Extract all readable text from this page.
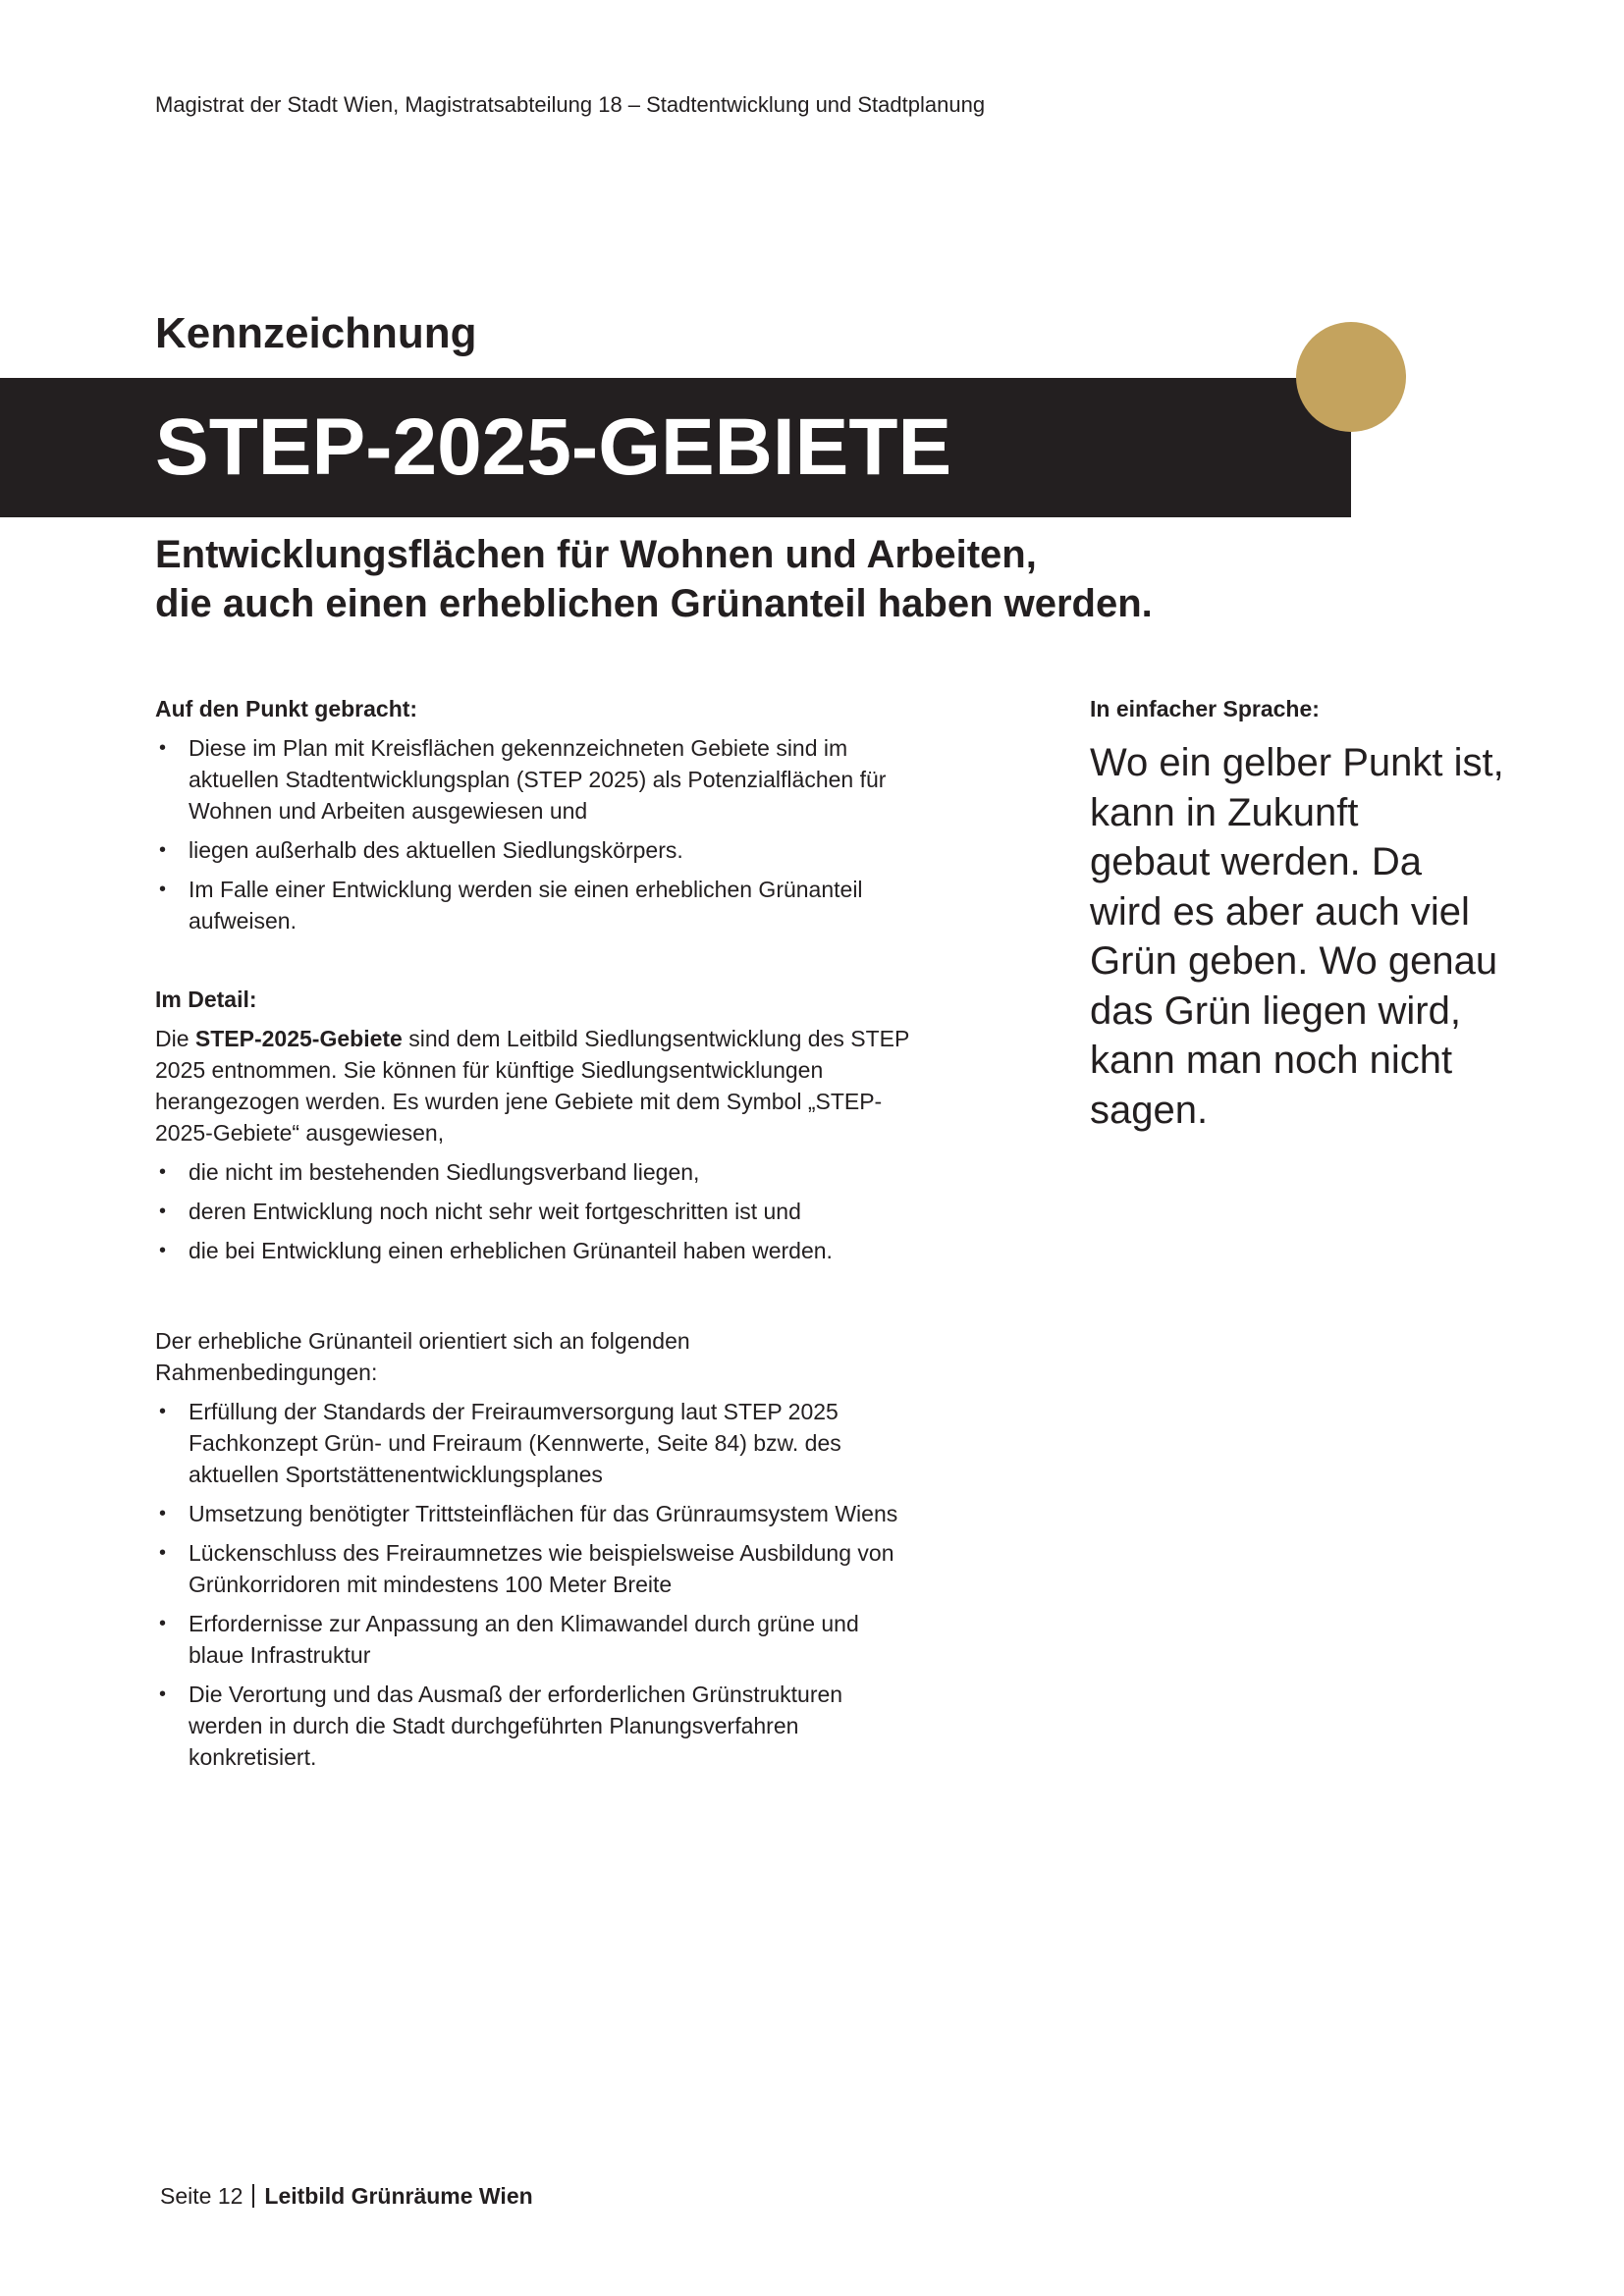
Magistrat der Stadt Wien, Magistratsabteilung 18 – Stadtentwicklung und Stadtplanung
Kennzeichnung
STEP-2025-GEBIETE
Entwicklungsflächen für Wohnen und Arbeiten,
die auch einen erheblichen Grünanteil haben werden.
Auf den Punkt gebracht:
• Diese im Plan mit Kreisflächen gekennzeichneten Gebiete sind im aktuellen Stadtentwicklungsplan (STEP 2025) als Potenzialflächen für Wohnen und Arbeiten ausgewiesen und
• liegen außerhalb des aktuellen Siedlungskörpers.
• Im Falle einer Entwicklung werden sie einen erheblichen Grünanteil aufweisen.
Im Detail:

Die STEP-2025-Gebiete sind dem Leitbild Siedlungsentwicklung des STEP 2025 entnommen. Sie können für künftige Siedlungsentwicklungen herangezogen werden. Es wurden jene Gebiete mit dem Symbol „STEP-2025-Gebiete“ ausgewiesen,

• die nicht im bestehenden Siedlungsverband liegen,
• deren Entwicklung noch nicht sehr weit fortgeschritten ist und
• die bei Entwicklung einen erheblichen Grünanteil haben werden.

Der erhebliche Grünanteil orientiert sich an folgenden Rahmenbedingungen:

• Erfüllung der Standards der Freiraumversorgung laut STEP 2025 Fachkonzept Grün- und Freiraum (Kennwerte, Seite 84) bzw. des aktuellen Sportstättenentwicklungsplanes
• Umsetzung benötigter Trittsteinflächen für das Grünraumsystem Wiens
• Lückenschluss des Freiraumnetzes wie beispielsweise Ausbildung von Grünkorridoren mit mindestens 100 Meter Breite
• Erfordernisse zur Anpassung an den Klimawandel durch grüne und blaue Infrastruktur
• Die Verortung und das Ausmaß der erforderlichen Grünstrukturen werden in durch die Stadt durchgeführten Planungsverfahren konkretisiert.
In einfacher Sprache:
Wo ein gelber Punkt ist,
kann in Zukunft
gebaut werden. Da
wird es aber auch viel
Grün geben. Wo genau
das Grün liegen wird,
kann man noch nicht
sagen.
Seite 12 Leitbild Grünräume Wien
